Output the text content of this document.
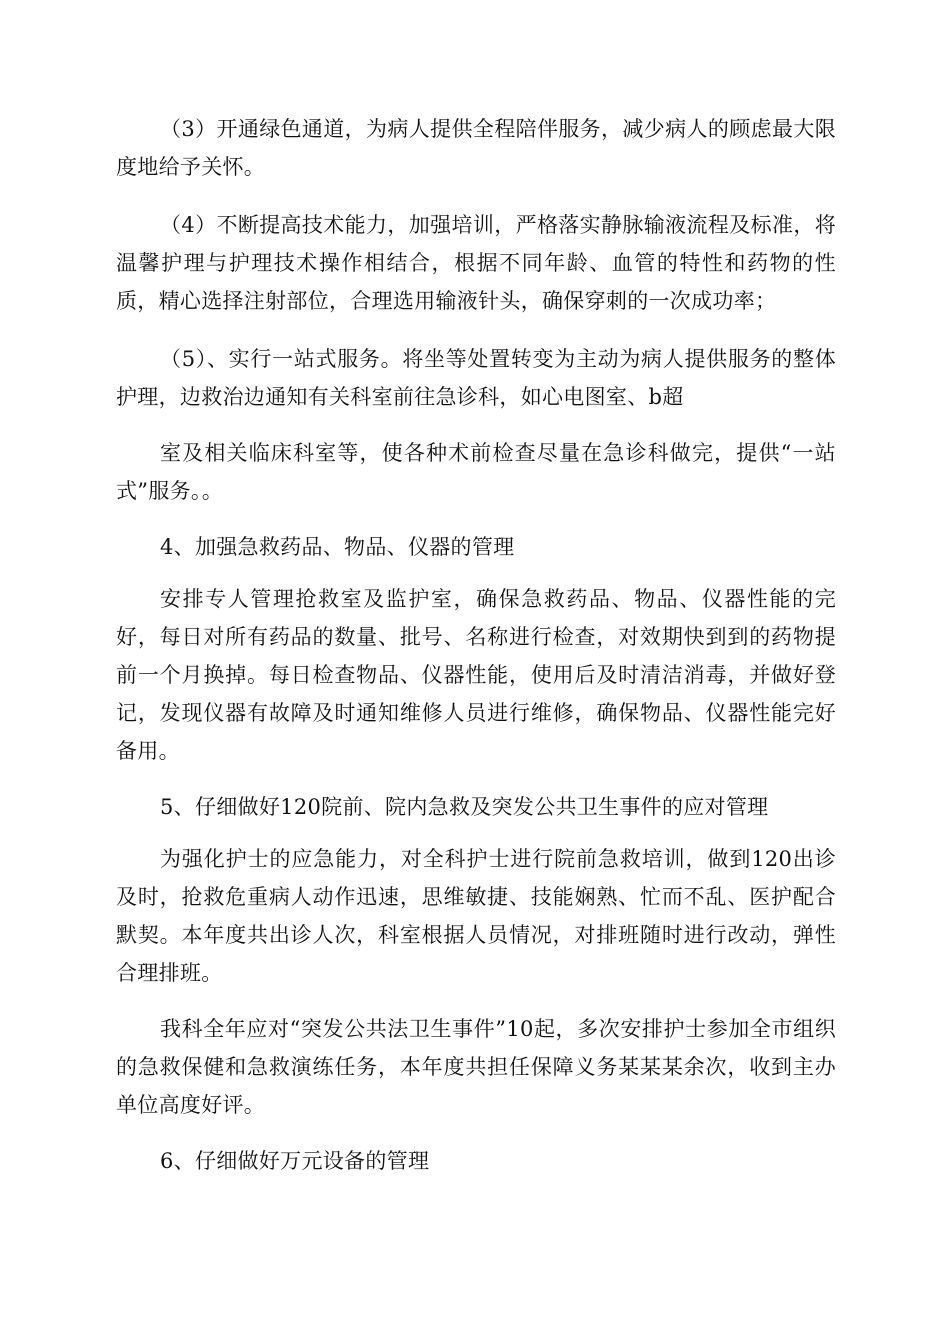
（3）开通绿色通道，为病人提供全程陪伴服务，减少病人的顾虑最大限度地给予关怀。

（4）不断提高技术能力，加强培训，严格落实静脉输液流程及标准，将温馨护理与护理技术操作相结合，根据不同年龄、血管的特性和药物的性质，精心选择注射部位，合理选用输液针头，确保穿刺的一次成功率；

（5）、实行一站式服务。将坐等处置转变为主动为病人提供服务的整体护理，边救治边通知有关科室前往急诊科，如心电图室、b超

室及相关临床科室等，使各种术前检查尽量在急诊科做完，提供“一站式”服务。。

4、加强急救药品、物品、仪器的管理

安排专人管理抢救室及监护室，确保急救药品、物品、仪器性能的完好，每日对所有药品的数量、批号、名称进行检查，对效期快到到的药物提前一个月换掉。每日检查物品、仪器性能，使用后及时清洁消毒，并做好登记，发现仪器有故障及时通知维修人员进行维修，确保物品、仪器性能完好备用。

5、仔细做好120院前、院内急救及突发公共卫生事件的应对管理

为强化护士的应急能力，对全科护士进行院前急救培训，做到120出诊及时，抢救危重病人动作迅速，思维敏捷、技能娴熟、忙而不乱、医护配合默契。本年度共出诊人次，科室根据人员情况，对排班随时进行改动，弹性合理排班。

我科全年应对“突发公共法卫生事件”10起，多次安排护士参加全市组织的急救保健和急救演练任务，本年度共担任保障义务某某某余次，收到主办单位高度好评。

6、仔细做好万元设备的管理
